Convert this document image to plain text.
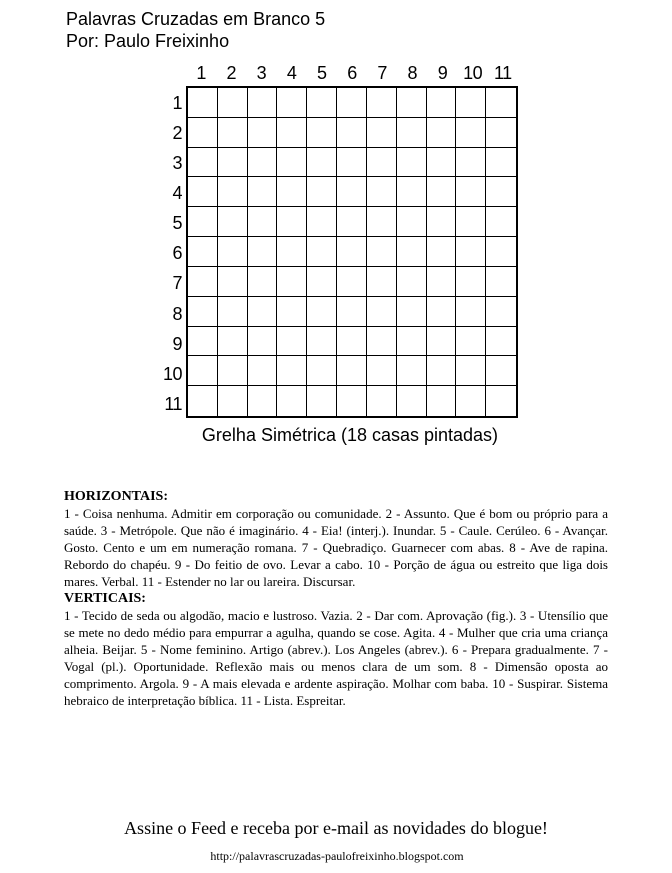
Palavras Cruzadas em Branco 5
Por: Paulo Freixinho
1	2	3	4	5	6	7	8	9 10 11
1
2
3
4
5
6
7
8
9
10
11
Grelha Simétrica (18 casas pintadas)
HORIZONTAIS:

1 - Coisa nenhuma. Admitir em corporação ou comunidade. 2 - Assunto. Que é bom ou próprio para a saúde. 3 - Metrópole. Que não é imaginário. 4 - Eia! (interj.). Inundar. 5 - Caule. Cerúleo. 6 - Avançar. Gosto. Cento e um em numeração romana. 7 - Quebradiço. Guarnecer com abas. 8 - Ave de rapina. Rebordo do chapéu. 9 - Do feitio de ovo. Levar a cabo. 10 - Porção de água ou estreito que liga dois mares. Verbal. 11 - Estender no lar ou lareira. Discursar.

VERTICAIS:

1 - Tecido de seda ou algodão, macio e lustroso. Vazia. 2 - Dar com. Aprovação (fig.). 3 - Utensílio que se mete no dedo médio para empurrar a agulha, quando se cose. Agita. 4 - Mulher que cria uma criança alheia. Beijar. 5 - Nome feminino. Artigo (abrev.). Los Angeles (abrev.). 6 - Prepara gradualmente. 7 - Vogal (pl.). Oportunidade. Reflexão mais ou menos clara de um som. 8 - Dimensão oposta ao comprimento. Argola. 9 - A mais elevada e ardente aspiração. Molhar com baba. 10 - Suspirar. Sistema hebraico de interpretação bíblica. 11 - Lista. Espreitar.

Assine o Feed e receba por e-mail as novidades do blogue!
http://palavrascruzadas-paulofreixinho.blogspot.com
